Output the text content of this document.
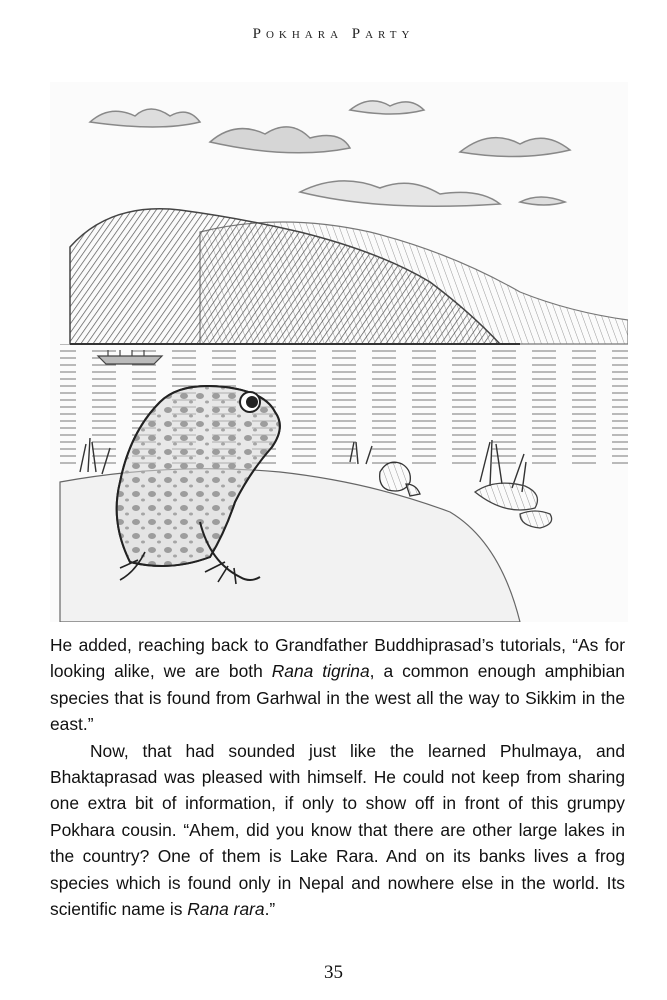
Pokhara Party

He added, reaching back to Grandfather Buddhiprasad’s tutorials, “As for looking alike, we are both Rana tigrina, a common enough amphibian species that is found from Garhwal in the west all the way to Sikkim in the east.”

Now, that had sounded just like the learned Phulmaya, and Bhaktaprasad was pleased with himself. He could not keep from sharing one extra bit of information, if only to show off in front of this grumpy Pokhara cousin. “Ahem, did you know that there are other large lakes in the country? One of them is Lake Rara. And on its banks lives a frog species which is found only in Nepal and nowhere else in the world. Its scientific name is Rana rara.”

35
